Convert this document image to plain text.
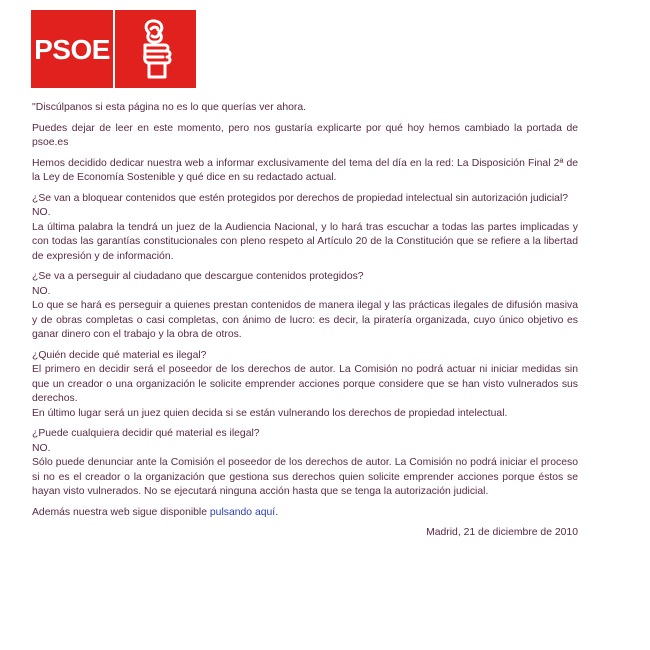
PSOE

"Discúlpanos si esta página no es lo que querías ver ahora.

Puedes dejar de leer en este momento, pero nos gustaría explicarte por qué hoy hemos cambiado la portada de psoe.es

Hemos decidido dedicar nuestra web a informar exclusivamente del tema del día en la red: La Disposición Final 2ª de la Ley de Economía Sostenible y qué dice en su redactado actual.

¿Se van a bloquear contenidos que estén protegidos por derechos de propiedad intelectual sin autorización judicial?

NO.

La última palabra la tendrá un juez de la Audiencia Nacional, y lo hará tras escuchar a todas las partes implicadas y con todas las garantías constitucionales con pleno respeto al Artículo 20 de la Constitución que se refiere a la libertad de expresión y de información.

¿Se va a perseguir al ciudadano que descargue contenidos protegidos?

NO.

Lo que se hará es perseguir a quienes prestan contenidos de manera ilegal y las prácticas ilegales de difusión masiva y de obras completas o casi completas, con ánimo de lucro: es decir, la piratería organizada, cuyo único objetivo es ganar dinero con el trabajo y la obra de otros.

¿Quién decide qué material es ilegal?

El primero en decidir será el poseedor de los derechos de autor. La Comisión no podrá actuar ni iniciar medidas sin que un creador o una organización le solicite emprender acciones porque considere que se han visto vulnerados sus derechos.

En último lugar será un juez quien decida si se están vulnerando los derechos de propiedad intelectual.

¿Puede cualquiera decidir qué material es ilegal?

NO.

Sólo puede denunciar ante la Comisión el poseedor de los derechos de autor. La Comisión no podrá iniciar el proceso si no es el creador o la organización que gestiona sus derechos quien solicite emprender acciones porque éstos se hayan visto vulnerados. No se ejecutará ninguna acción hasta que se tenga la autorización judicial.

Además nuestra web sigue disponible pulsando aquí.

Madrid, 21 de diciembre de 2010
